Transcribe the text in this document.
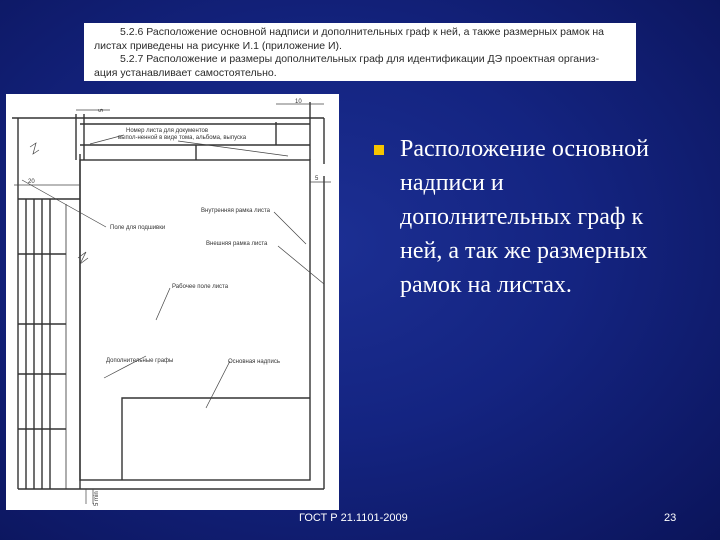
5.2.6 Расположение основной надписи и дополнительных граф к ней, а также размерных рамок на

листах приведены на рисунке И.1 (приложение И).

5.2.7 Расположение и размеры дополнительных граф для идентификации ДЭ проектная организ-

ация устанавливает самостоятельно.

10
5
5
20
5 min
Номер листа для документов
выпол-ненной в виде тома, альбома, выпуска
Поле для подшивки
Внутренняя рамка листа
Внешняя рамка листа
Рабочее поле листа
Дополнительные графы	Основная надпись
Расположение основной надписи и дополнительных граф к ней, а так же размерных рамок на листах.
ГОСТ Р 21.1101-2009	23
